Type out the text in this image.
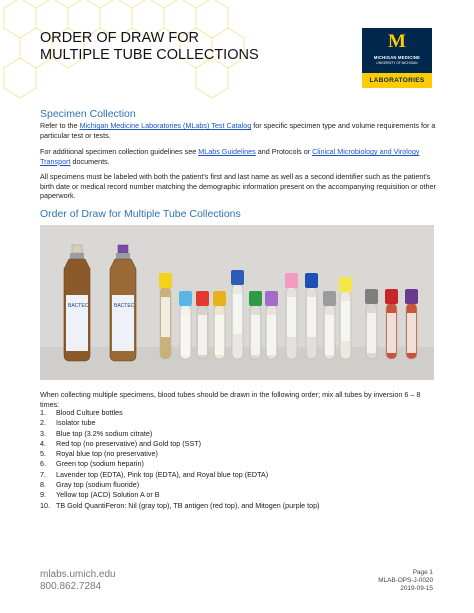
M
MICHIGAN MEDICINE
UNIVERSITY OF MICHIGAN
LABORATORIES
ORDER OF DRAW FOR
MULTIPLE TUBE COLLECTIONS
Specimen Collection
Refer to the Michigan Medicine Laboratories (MLabs) Test Catalog for specific specimen type and volume requirements for a particular test or tests.
For additional specimen collection guidelines see MLabs Guidelines and Protocols or Clinical Microbiology and Virology Transport documents.
All specimens must be labeled with both the patient's first and last name as well as a second identifier such as the patient's birth date or medical record number matching the demographic information present on the accompanying requisition or other paperwork.
Order of Draw for Multiple Tube Collections
BACTEC	BACTEC
When collecting multiple specimens, blood tubes should be drawn in the following order; mix all tubes by inversion 6 – 8 times:
1. Blood Culture bottles
2. Isolator tube
3. Blue top (3.2% sodium citrate)
4. Red top (no preservative) and Gold top (SST)
5. Royal blue top (no preservative)
6. Green top (sodium heparin)
7. Lavender top (EDTA), Pink top (EDTA), and Royal blue top (EDTA)
8. Gray top (sodium fluoride)
9. Yellow top (ACD) Solution A or B
10. TB Gold QuantiFeron: Nil (gray top), TB antigen (red top), and Mitogen (purple top)
mlabs.umich.edu
800.862.7284
Page 1
MLAB-OPS-J-0020
2019-09-15
